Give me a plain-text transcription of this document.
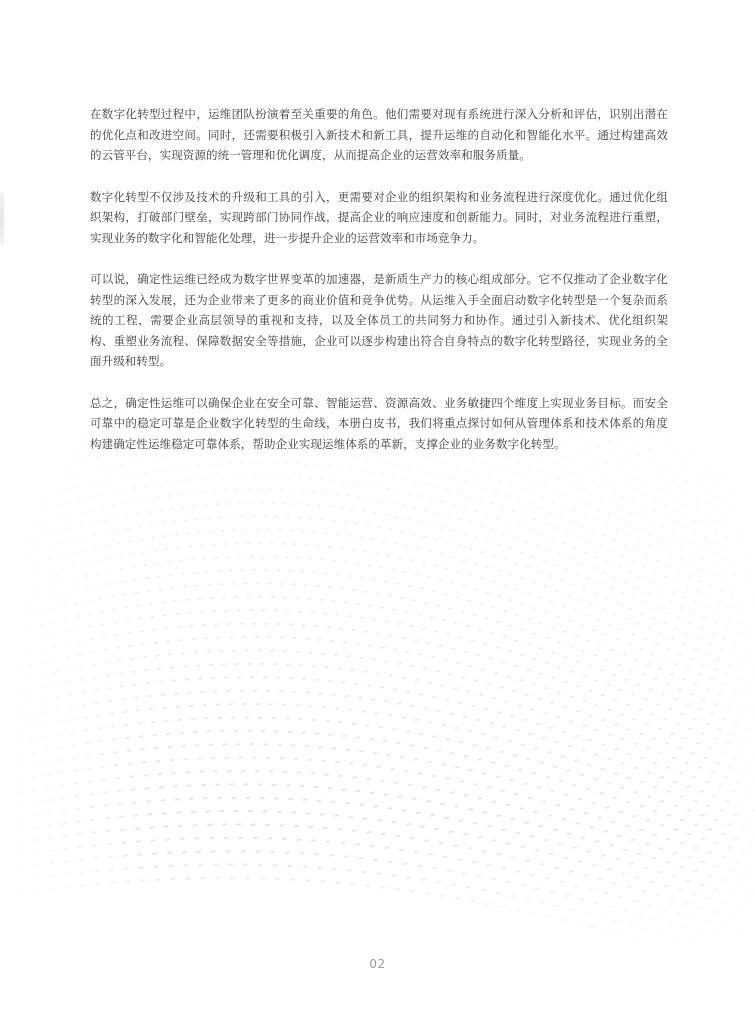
在数字化转型过程中，运维团队扮演着至关重要的角色。他们需要对现有系统进行深入分析和评估，识别出潜在的优化点和改进空间。同时，还需要积极引入新技术和新工具，提升运维的自动化和智能化水平。通过构建高效的云管平台，实现资源的统一管理和优化调度，从而提高企业的运营效率和服务质量。

数字化转型不仅涉及技术的升级和工具的引入，更需要对企业的组织架构和业务流程进行深度优化。通过优化组织架构，打破部门壁垒，实现跨部门协同作战，提高企业的响应速度和创新能力。同时，对业务流程进行重塑，实现业务的数字化和智能化处理，进一步提升企业的运营效率和市场竞争力。

可以说，确定性运维已经成为数字世界变革的加速器，是新质生产力的核心组成部分。它不仅推动了企业数字化转型的深入发展，还为企业带来了更多的商业价值和竞争优势。从运维入手全面启动数字化转型是一个复杂而系统的工程，需要企业高层领导的重视和支持，以及全体员工的共同努力和协作。通过引入新技术、优化组织架构、重塑业务流程、保障数据安全等措施，企业可以逐步构建出符合自身特点的数字化转型路径，实现业务的全面升级和转型。

总之，确定性运维可以确保企业在安全可靠、智能运营、资源高效、业务敏捷四个维度上实现业务目标。而安全可靠中的稳定可靠是企业数字化转型的生命线，本册白皮书，我们将重点探讨如何从管理体系和技术体系的角度构建确定性运维稳定可靠体系，帮助企业实现运维体系的革新，支撑企业的业务数字化转型。

02
